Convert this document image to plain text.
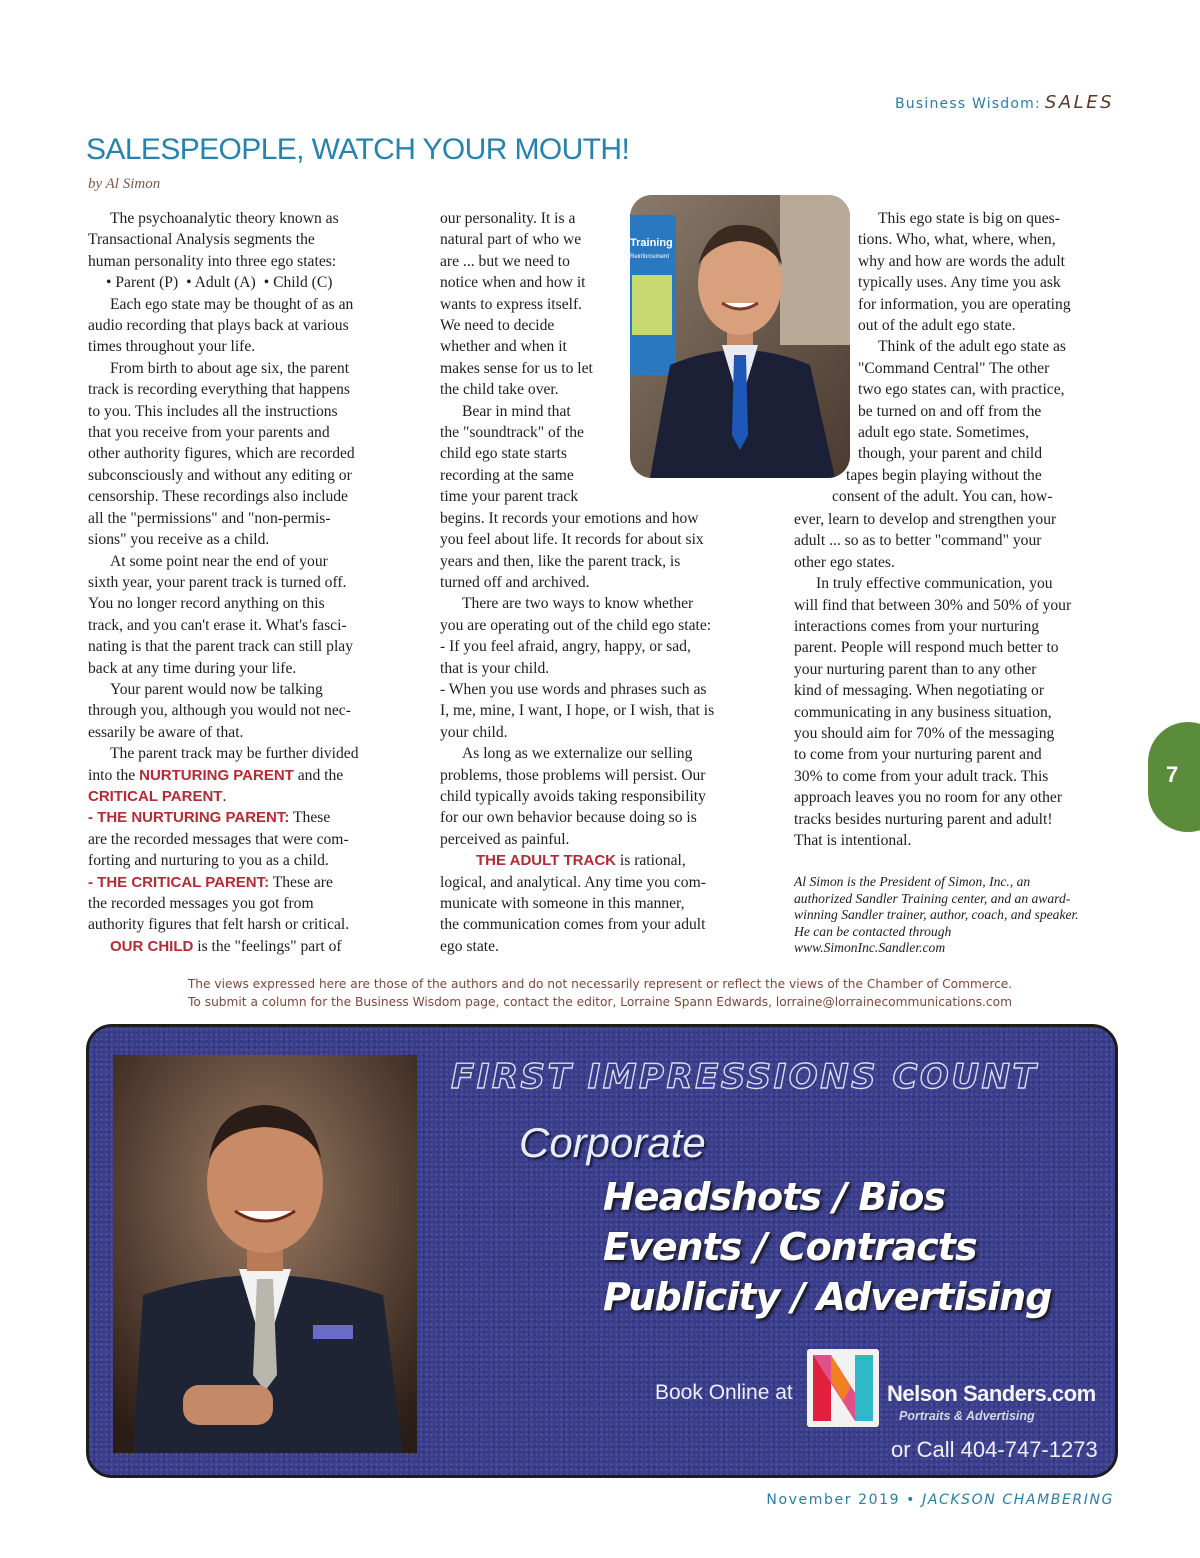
Business Wisdom: SALES
SALESPEOPLE, WATCH YOUR MOUTH!
by Al Simon

The psychoanalytic theory known as
Transactional Analysis segments the
human personality into three ego states:

• Parent (P) • Adult (A) • Child (C)

Each ego state may be thought of as an
audio recording that plays back at various
times throughout your life.

From birth to about age six, the parent
track is recording everything that happens
to you. This includes all the instructions
that you receive from your parents and
other authority figures, which are recorded
subconsciously and without any editing or
censorship. These recordings also include
all the "permissions" and "non-permis-
sions" you receive as a child.

At some point near the end of your
sixth year, your parent track is turned off.
You no longer record anything on this
track, and you can't erase it. What's fasci-
nating is that the parent track can still play
back at any time during your life.

Your parent would now be talking
through you, although you would not nec-
essarily be aware of that.

The parent track may be further divided
into the NURTURING PARENT and the
CRITICAL PARENT.

- THE NURTURING PARENT: These
are the recorded messages that were com-
forting and nurturing to you as a child.

- THE CRITICAL PARENT: These are
the recorded messages you got from
authority figures that felt harsh or critical.

OUR CHILD is the "feelings" part of

our personality. It is a
natural part of who we
are ... but we need to
notice when and how it
wants to express itself.
We need to decide
whether and when it
makes sense for us to let
the child take over.

Bear in mind that
the "soundtrack" of the
child ego state starts
recording at the same
time your parent track
begins. It records your emotions and how
you feel about life. It records for about six
years and then, like the parent track, is
turned off and archived.

There are two ways to know whether
you are operating out of the child ego state:
- If you feel afraid, angry, happy, or sad,
that is your child.
- When you use words and phrases such as
I, me, mine, I want, I hope, or I wish, that is
your child.

As long as we externalize our selling
problems, those problems will persist. Our
child typically avoids taking responsibility
for our own behavior because doing so is
perceived as painful.

THE ADULT TRACK is rational,
logical, and analytical. Any time you com-
municate with someone in this manner,
the communication comes from your adult
ego state.

Training
Reinforcement

This ego state is big on ques-
tions. Who, what, where, when,
why and how are words the adult
typically uses. Any time you ask
for information, you are operating
out of the adult ego state.

Think of the adult ego state as
"Command Central" The other
two ego states can, with practice,
be turned on and off from the
adult ego state. Sometimes,
though, your parent and child
tapes begin playing without the
consent of the adult. You can, how-

ever, learn to develop and strengthen your
adult ... so as to better "command" your
other ego states.

In truly effective communication, you
will find that between 30% and 50% of your
interactions comes from your nurturing
parent. People will respond much better to
your nurturing parent than to any other
kind of messaging. When negotiating or
communicating in any business situation,
you should aim for 70% of the messaging
to come from your nurturing parent and
30% to come from your adult track. This
approach leaves you no room for any other
tracks besides nurturing parent and adult!
That is intentional.

Al Simon is the President of Simon, Inc., an
authorized Sandler Training center, and an award-
winning Sandler trainer, author, coach, and speaker.
He can be contacted through
www.SimonInc.Sandler.com
7
The views expressed here are those of the authors and do not necessarily represent or reflect the views of the Chamber of Commerce.
To submit a column for the Business Wisdom page, contact the editor, Lorraine Spann Edwards, lorraine@lorrainecommunications.com
FIRST IMPRESSIONS COUNT
Corporate
Headshots / Bios
Events / Contracts
Publicity / Advertising
Book Online at	Nelson Sanders.com
Portraits & Advertising
or Call 404-747-1273
November 2019 • JACKSON CHAMBERING
